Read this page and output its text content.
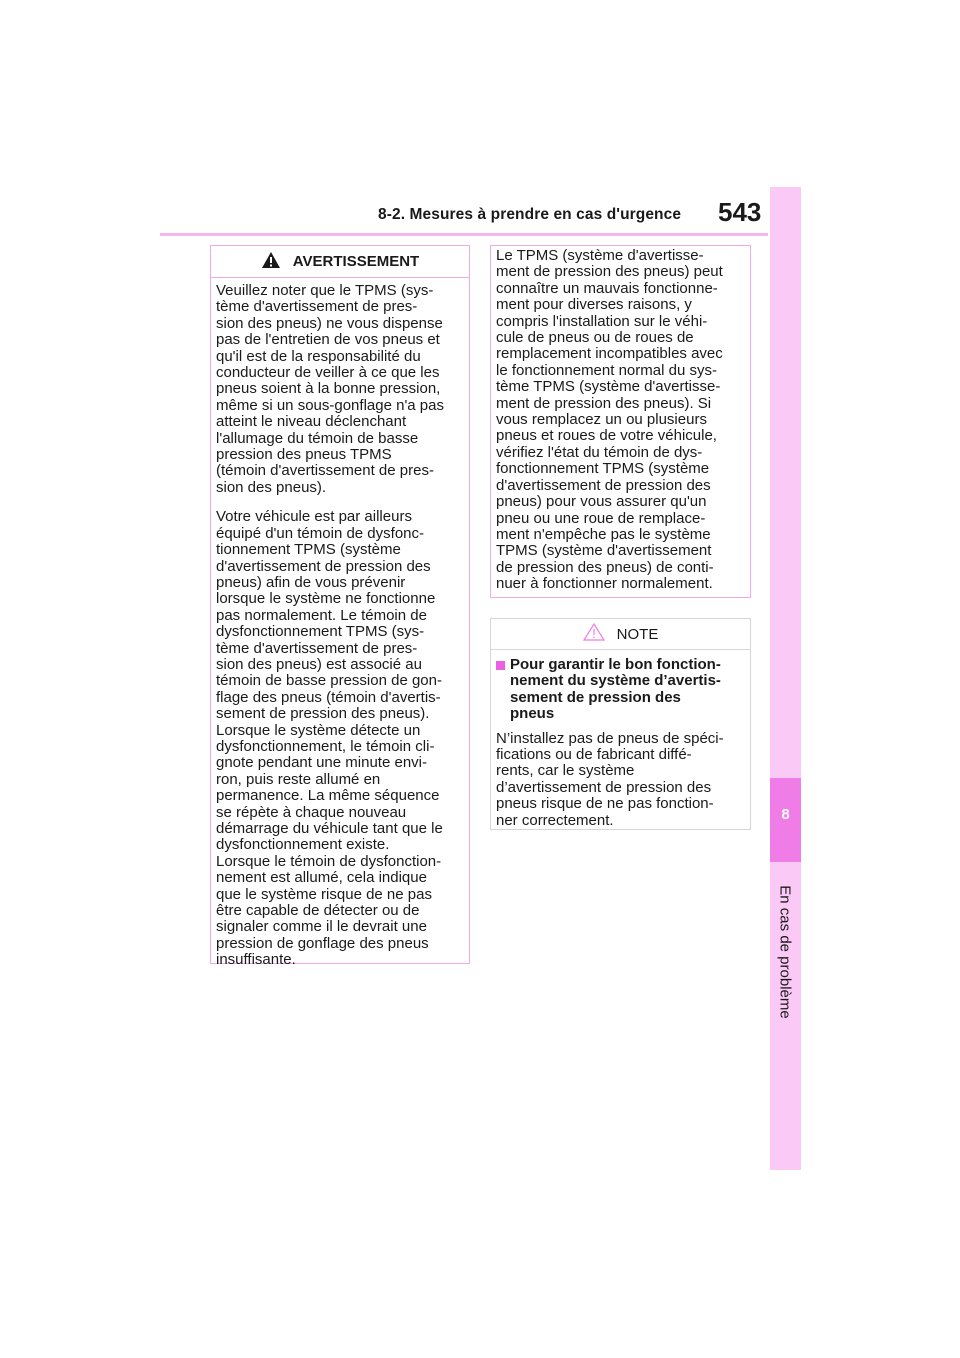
8-2. Mesures à prendre en cas d'urgence 543
8
En cas de problème
AVERTISSEMENT

Veuillez noter que le TPMS (sys-
tème d'avertissement de pres-
sion des pneus) ne vous dispense
pas de l'entretien de vos pneus et
qu'il est de la responsabilité du
conducteur de veiller à ce que les
pneus soient à la bonne pression,
même si un sous-gonflage n'a pas
atteint le niveau déclenchant
l'allumage du témoin de basse
pression des pneus TPMS
(témoin d'avertissement de pres-
sion des pneus).

Votre véhicule est par ailleurs
équipé d'un témoin de dysfonc-
tionnement TPMS (système
d'avertissement de pression des
pneus) afin de vous prévenir
lorsque le système ne fonctionne
pas normalement. Le témoin de
dysfonctionnement TPMS (sys-
tème d'avertissement de pres-
sion des pneus) est associé au
témoin de basse pression de gon-
flage des pneus (témoin d'avertis-
sement de pression des pneus).
Lorsque le système détecte un
dysfonctionnement, le témoin cli-
gnote pendant une minute envi-
ron, puis reste allumé en
permanence. La même séquence
se répète à chaque nouveau
démarrage du véhicule tant que le
dysfonctionnement existe.
Lorsque le témoin de dysfonction-
nement est allumé, cela indique
que le système risque de ne pas
être capable de détecter ou de
signaler comme il le devrait une
pression de gonflage des pneus
insuffisante.

Le TPMS (système d'avertisse-
ment de pression des pneus) peut
connaître un mauvais fonctionne-
ment pour diverses raisons, y
compris l'installation sur le véhi-
cule de pneus ou de roues de
remplacement incompatibles avec
le fonctionnement normal du sys-
tème TPMS (système d'avertisse-
ment de pression des pneus). Si
vous remplacez un ou plusieurs
pneus et roues de votre véhicule,
vérifiez l'état du témoin de dys-
fonctionnement TPMS (système
d'avertissement de pression des
pneus) pour vous assurer qu'un
pneu ou une roue de remplace-
ment n'empêche pas le système
TPMS (système d'avertissement
de pression des pneus) de conti-
nuer à fonctionner normalement.

NOTE
Pour garantir le bon fonction-
nement du système d’avertis-
sement de pression des
pneus

N’installez pas de pneus de spéci-
fications ou de fabricant diffé-
rents, car le système
d’avertissement de pression des
pneus risque de ne pas fonction-
ner correctement.
